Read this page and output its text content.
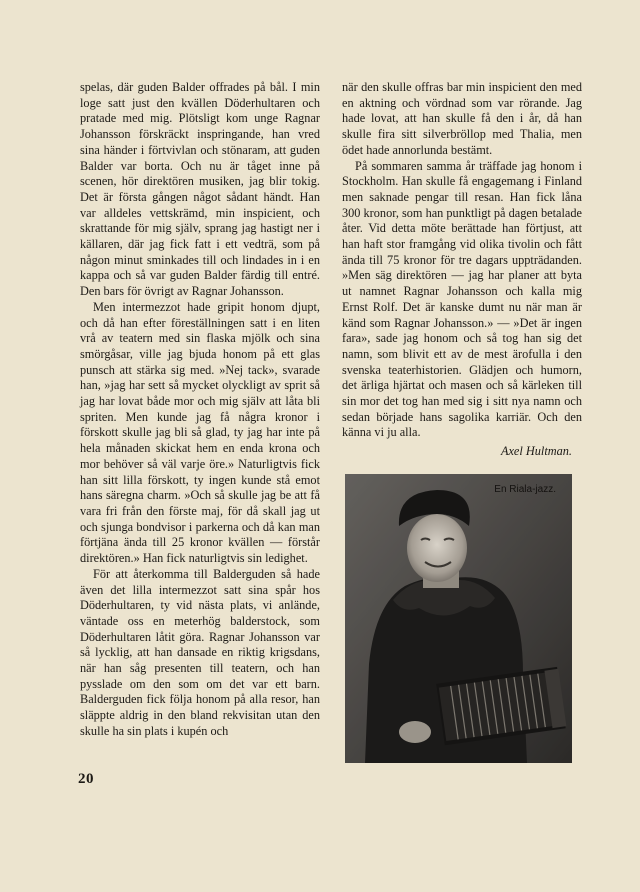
spelas, där guden Balder offrades på bål. I min loge satt just den kvällen Döderhultaren och pratade med mig. Plötsligt kom unge Ragnar Johansson förskräckt inspringande, han vred sina händer i förtvivlan och stönaram, att guden Balder var borta. Och nu är tåget inne på scenen, hör direktören musiken, jag blir tokig. Det är första gången något sådant händt. Han var alldeles vettskrämd, min inspicient, och skrattande för mig själv, sprang jag hastigt ner i källaren, där jag fick fatt i ett vedträ, som på någon minut sminkades till och lindades in i en kappa och så var guden Balder färdig till entré. Den bars för övrigt av Ragnar Johansson.

Men intermezzot hade gripit honom djupt, och då han efter föreställningen satt i en liten vrå av teatern med sin flaska mjölk och sina smörgåsar, ville jag bjuda honom på ett glas punsch att stärka sig med. »Nej tack», svarade han, »jag har sett så mycket olyckligt av sprit så jag har lovat både mor och mig själv att låta bli spriten. Men kunde jag få några kronor i förskott skulle jag bli så glad, ty jag har inte på hela månaden skickat hem en enda krona och mor behöver så väl varje öre.» Naturligtvis fick han sitt lilla förskott, ty ingen kunde stå emot hans säregna charm. »Och så skulle jag be att få vara fri från den förste maj, för då skall jag ut och sjunga bondvisor i parkerna och då kan man förtjäna ända till 25 kronor kvällen — förstår direktören.» Han fick naturligtvis sin ledighet.

För att återkomma till Balderguden så hade även det lilla intermezzot satt sina spår hos Döderhultaren, ty vid nästa plats, vi anlände, väntade oss en meterhög balderstock, som Döderhultaren låtit göra. Ragnar Johansson var så lycklig, att han dansade en riktig krigsdans, när han såg presenten till teatern, och han pysslade om den som om det var ett barn. Balderguden fick följa honom på alla resor, han släppte aldrig in den bland rekvisitan utan den skulle ha sin plats i kupén och

när den skulle offras bar min inspicient den med en aktning och vördnad som var rörande. Jag hade lovat, att han skulle få den i år, då han skulle fira sitt silverbröllop med Thalia, men ödet hade annorlunda bestämt.

På sommaren samma år träffade jag honom i Stockholm. Han skulle få engagemang i Finland men saknade pengar till resan. Han fick låna 300 kronor, som han punktligt på dagen betalade åter. Vid detta möte berättade han förtjust, att han haft stor framgång vid olika tivolin och fått ända till 75 kronor för tre dagars uppträdanden. »Men säg direktören — jag har planer att byta ut namnet Ragnar Johansson och kalla mig Ernst Rolf. Det är kanske dumt nu när man är känd som Ragnar Johansson.» — »Det är ingen fara», sade jag honom och så tog han sig det namn, som blivit ett av de mest ärofulla i den svenska teaterhistorien. Glädjen och humorn, det ärliga hjärtat och masen och så kärleken till sin mor det tog han med sig i sitt nya namn och sedan började hans sagolika karriär. Och den känna vi ju alla.

Axel Hultman.
En Riala-jazz.
20
